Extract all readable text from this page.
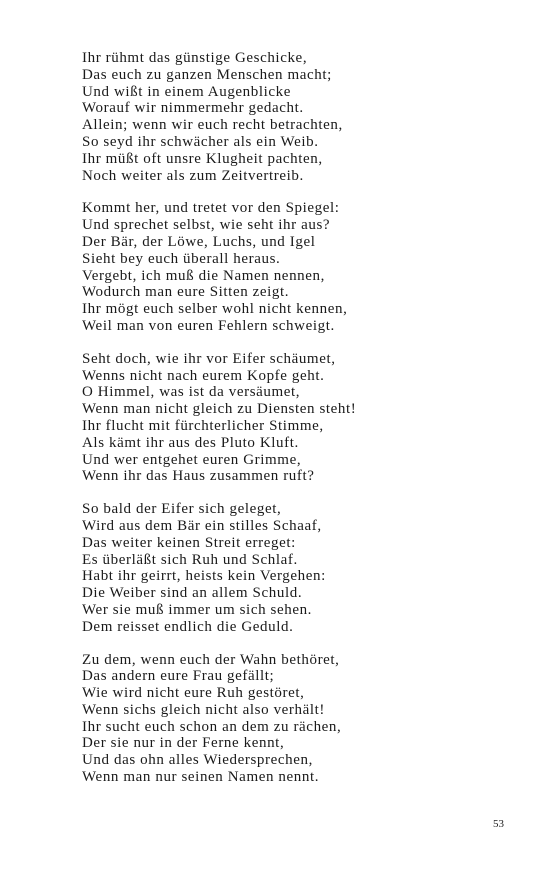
Ihr rühmt das günstige Geschicke,
Das euch zu ganzen Menschen macht;
Und wißt in einem Augenblicke
Worauf wir nimmermehr gedacht.
Allein; wenn wir euch recht betrachten,
So seyd ihr schwächer als ein Weib.
Ihr müßt oft unsre Klugheit pachten,
Noch weiter als zum Zeitvertreib.
Kommt her, und tretet vor den Spiegel:
Und sprechet selbst, wie seht ihr aus?
Der Bär, der Löwe, Luchs, und Igel
Sieht bey euch überall heraus.
Vergebt, ich muß die Namen nennen,
Wodurch man eure Sitten zeigt.
Ihr mögt euch selber wohl nicht kennen,
Weil man von euren Fehlern schweigt.
Seht doch, wie ihr vor Eifer schäumet,
Wenns nicht nach eurem Kopfe geht.
O Himmel, was ist da versäumet,
Wenn man nicht gleich zu Diensten steht!
Ihr flucht mit fürchterlicher Stimme,
Als kämt ihr aus des Pluto Kluft.
Und wer entgehet euren Grimme,
Wenn ihr das Haus zusammen ruft?
So bald der Eifer sich geleget,
Wird aus dem Bär ein stilles Schaaf,
Das weiter keinen Streit erreget:
Es überläßt sich Ruh und Schlaf.
Habt ihr geirrt, heists kein Vergehen:
Die Weiber sind an allem Schuld.
Wer sie muß immer um sich sehen.
Dem reisset endlich die Geduld.
Zu dem, wenn euch der Wahn bethöret,
Das andern eure Frau gefällt;
Wie wird nicht eure Ruh gestöret,
Wenn sichs gleich nicht also verhält!
Ihr sucht euch schon an dem zu rächen,
Der sie nur in der Ferne kennt,
Und das ohn alles Wiedersprechen,
Wenn man nur seinen Namen nennt.
53
